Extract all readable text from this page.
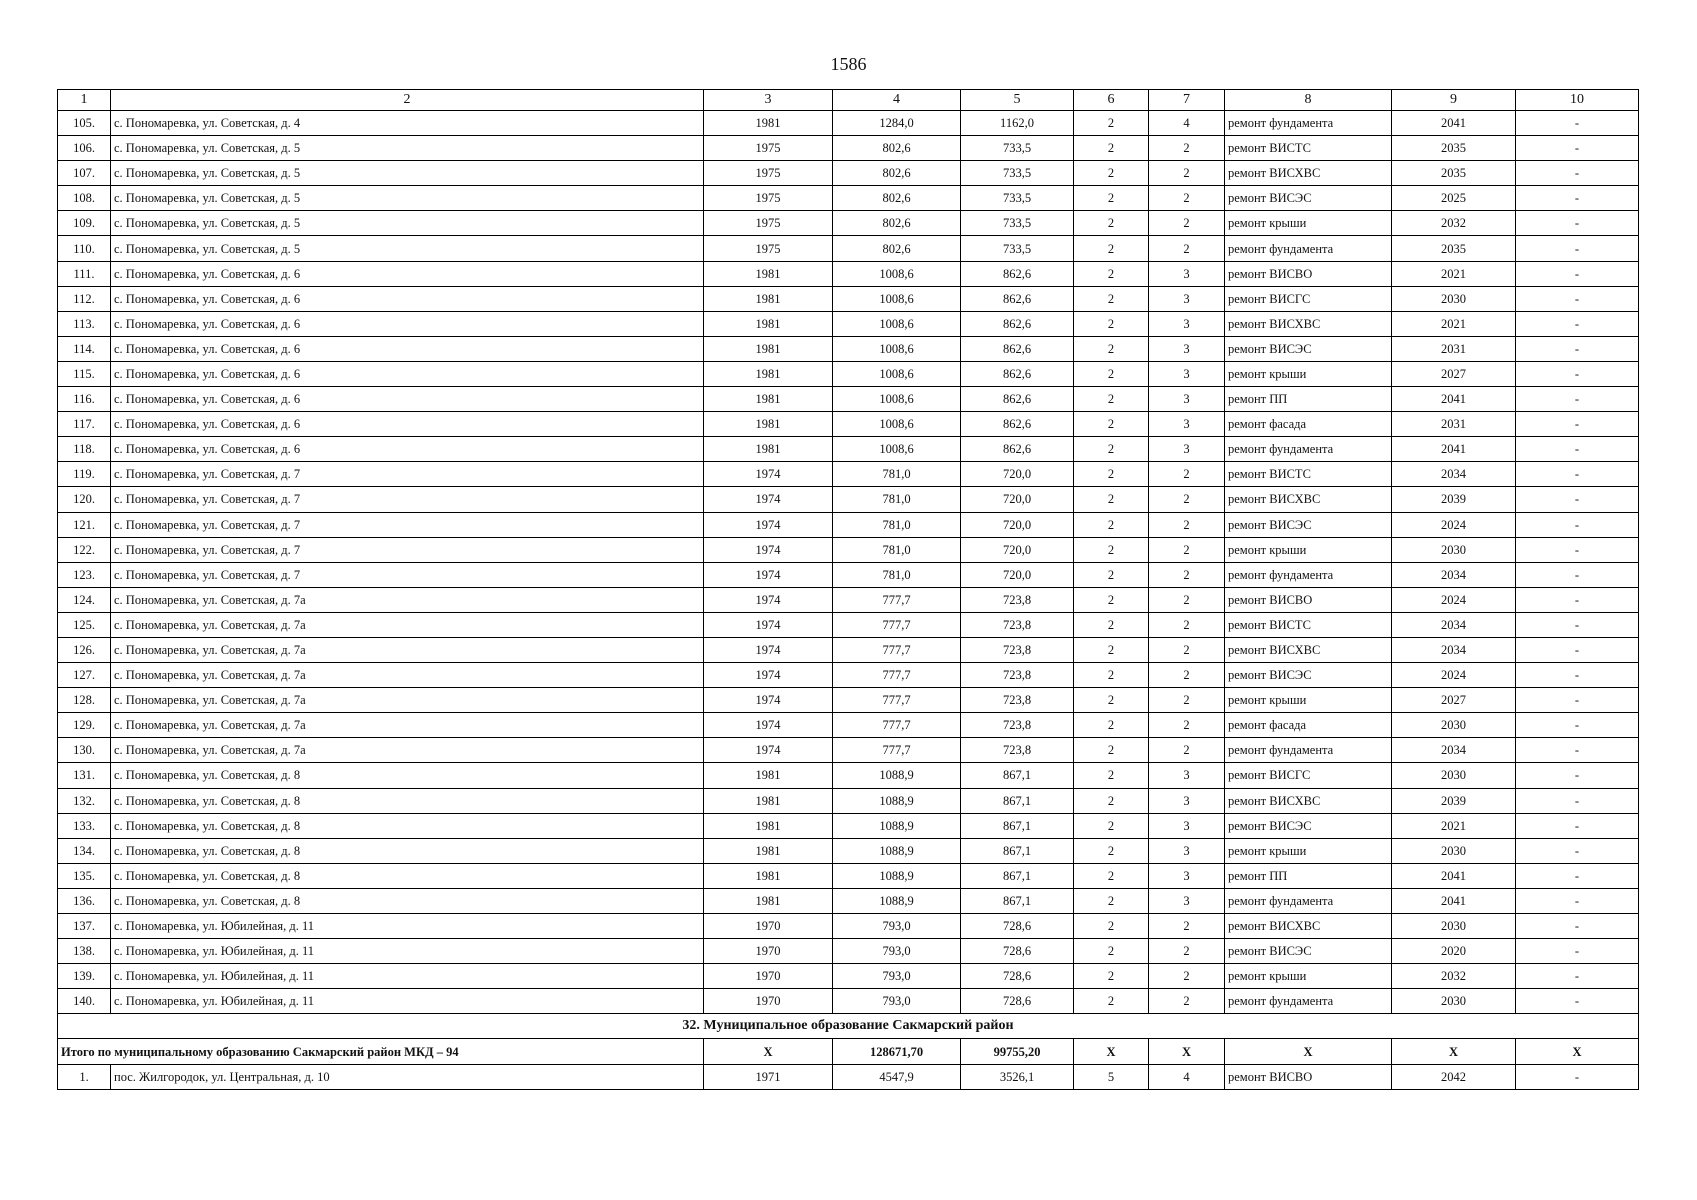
1586
1	2	3	4	5	6	7	8	9	10
105.	с. Пономаревка, ул. Советская, д. 4	1981	1284,0	1162,0	2	4	ремонт фундамента	2041	-
106.	с. Пономаревка, ул. Советская, д. 5	1975	802,6	733,5	2	2	ремонт ВИСТС	2035	-
107.	с. Пономаревка, ул. Советская, д. 5	1975	802,6	733,5	2	2	ремонт ВИСХВС	2035	-
108.	с. Пономаревка, ул. Советская, д. 5	1975	802,6	733,5	2	2	ремонт ВИСЭС	2025	-
109.	с. Пономаревка, ул. Советская, д. 5	1975	802,6	733,5	2	2	ремонт крыши	2032	-
110.	с. Пономаревка, ул. Советская, д. 5	1975	802,6	733,5	2	2	ремонт фундамента	2035	-
111.	с. Пономаревка, ул. Советская, д. 6	1981	1008,6	862,6	2	3	ремонт ВИСВО	2021	-
112.	с. Пономаревка, ул. Советская, д. 6	1981	1008,6	862,6	2	3	ремонт ВИСГС	2030	-
113.	с. Пономаревка, ул. Советская, д. 6	1981	1008,6	862,6	2	3	ремонт ВИСХВС	2021	-
114.	с. Пономаревка, ул. Советская, д. 6	1981	1008,6	862,6	2	3	ремонт ВИСЭС	2031	-
115.	с. Пономаревка, ул. Советская, д. 6	1981	1008,6	862,6	2	3	ремонт крыши	2027	-
116.	с. Пономаревка, ул. Советская, д. 6	1981	1008,6	862,6	2	3	ремонт ПП	2041	-
117.	с. Пономаревка, ул. Советская, д. 6	1981	1008,6	862,6	2	3	ремонт фасада	2031	-
118.	с. Пономаревка, ул. Советская, д. 6	1981	1008,6	862,6	2	3	ремонт фундамента	2041	-
119.	с. Пономаревка, ул. Советская, д. 7	1974	781,0	720,0	2	2	ремонт ВИСТС	2034	-
120.	с. Пономаревка, ул. Советская, д. 7	1974	781,0	720,0	2	2	ремонт ВИСХВС	2039	-
121.	с. Пономаревка, ул. Советская, д. 7	1974	781,0	720,0	2	2	ремонт ВИСЭС	2024	-
122.	с. Пономаревка, ул. Советская, д. 7	1974	781,0	720,0	2	2	ремонт крыши	2030	-
123.	с. Пономаревка, ул. Советская, д. 7	1974	781,0	720,0	2	2	ремонт фундамента	2034	-
124.	с. Пономаревка, ул. Советская, д. 7а	1974	777,7	723,8	2	2	ремонт ВИСВО	2024	-
125.	с. Пономаревка, ул. Советская, д. 7а	1974	777,7	723,8	2	2	ремонт ВИСТС	2034	-
126.	с. Пономаревка, ул. Советская, д. 7а	1974	777,7	723,8	2	2	ремонт ВИСХВС	2034	-
127.	с. Пономаревка, ул. Советская, д. 7а	1974	777,7	723,8	2	2	ремонт ВИСЭС	2024	-
128.	с. Пономаревка, ул. Советская, д. 7а	1974	777,7	723,8	2	2	ремонт крыши	2027	-
129.	с. Пономаревка, ул. Советская, д. 7а	1974	777,7	723,8	2	2	ремонт фасада	2030	-
130.	с. Пономаревка, ул. Советская, д. 7а	1974	777,7	723,8	2	2	ремонт фундамента	2034	-
131.	с. Пономаревка, ул. Советская, д. 8	1981	1088,9	867,1	2	3	ремонт ВИСГС	2030	-
132.	с. Пономаревка, ул. Советская, д. 8	1981	1088,9	867,1	2	3	ремонт ВИСХВС	2039	-
133.	с. Пономаревка, ул. Советская, д. 8	1981	1088,9	867,1	2	3	ремонт ВИСЭС	2021	-
134.	с. Пономаревка, ул. Советская, д. 8	1981	1088,9	867,1	2	3	ремонт крыши	2030	-
135.	с. Пономаревка, ул. Советская, д. 8	1981	1088,9	867,1	2	3	ремонт ПП	2041	-
136.	с. Пономаревка, ул. Советская, д. 8	1981	1088,9	867,1	2	3	ремонт фундамента	2041	-
137.	с. Пономаревка, ул. Юбилейная, д. 11	1970	793,0	728,6	2	2	ремонт ВИСХВС	2030	-
138.	с. Пономаревка, ул. Юбилейная, д. 11	1970	793,0	728,6	2	2	ремонт ВИСЭС	2020	-
139.	с. Пономаревка, ул. Юбилейная, д. 11	1970	793,0	728,6	2	2	ремонт крыши	2032	-
140.	с. Пономаревка, ул. Юбилейная, д. 11	1970	793,0	728,6	2	2	ремонт фундамента	2030	-
32. Муниципальное образование Сакмарский район									
Итого по муниципальному образованию Сакмарский район МКД – 94		X	128671,70	99755,20	X	X	X	X	X
1.	пос. Жилгородок, ул. Центральная, д. 10	1971	4547,9	3526,1	5	4	ремонт ВИСВО	2042	-
